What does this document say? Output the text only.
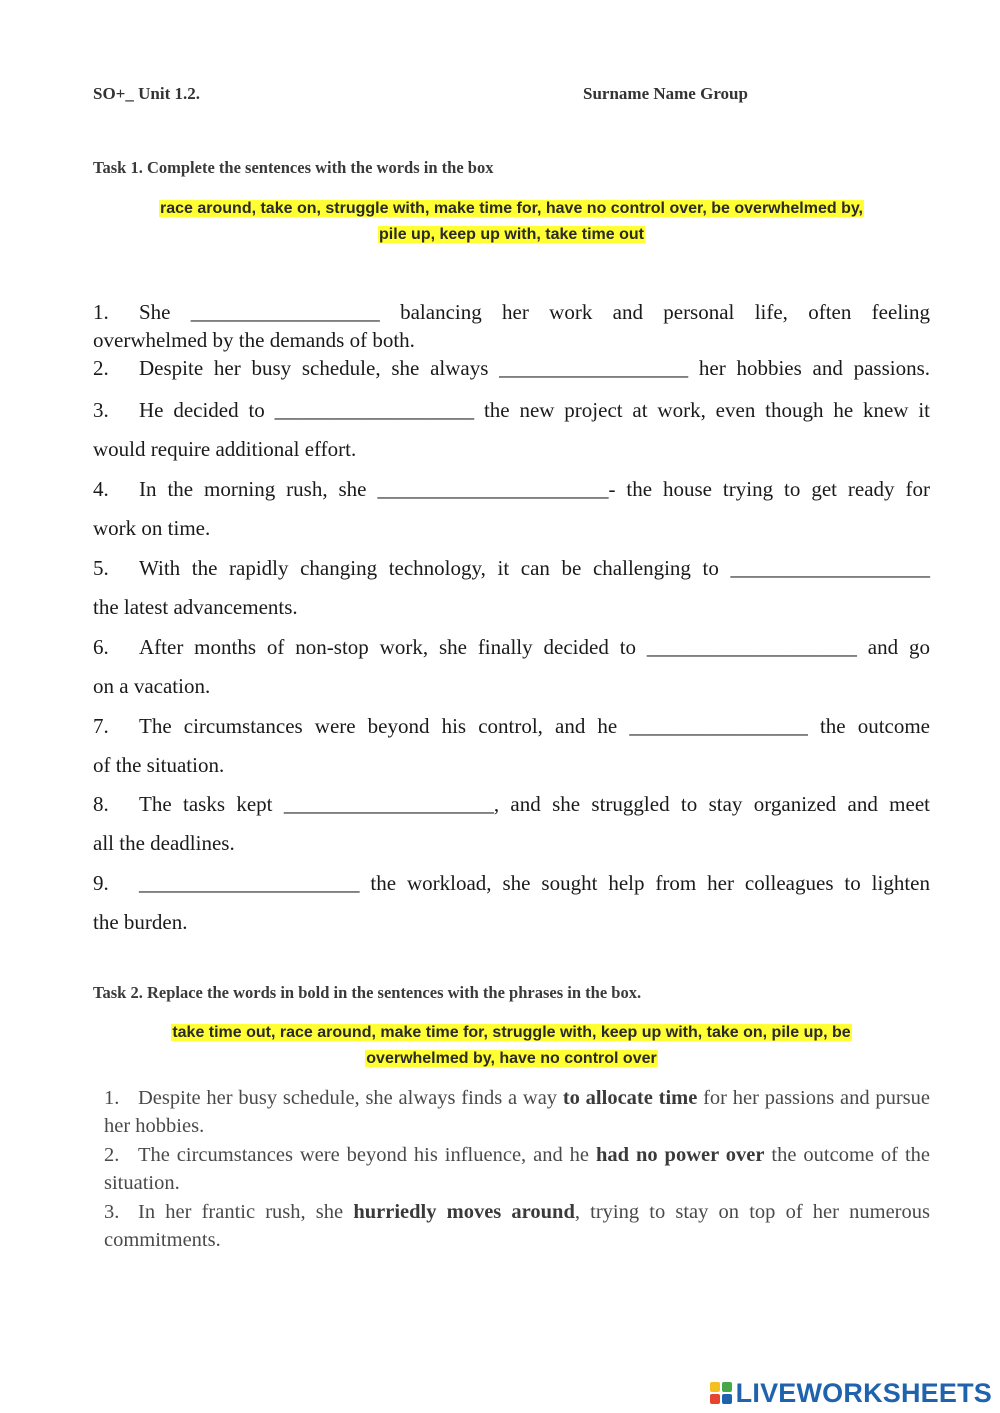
SO+_ Unit 1.2.	Surname Name Group
Task 1. Complete the sentences with the words in the box
race around, take on, struggle with, make time for, have no control over, be overwhelmed by,
pile up, keep up with, take time out
1. She __________________ balancing her work and personal life, often feeling
overwhelmed by the demands of both.
2. Despite her busy schedule, she always __________________ her hobbies and passions.
3. He decided to ___________________ the new project at work, even though he knew it
would require additional effort.
4. In the morning rush, she ______________________- the house trying to get ready for
work on time.
5. With the rapidly changing technology, it can be challenging to ___________________
the latest advancements.
6. After months of non-stop work, she finally decided to ____________________ and go
on a vacation.
7. The circumstances were beyond his control, and he _________________ the outcome
of the situation.
8. The tasks kept ____________________, and she struggled to stay organized and meet
all the deadlines.
9. _____________________ the workload, she sought help from her colleagues to lighten
the burden.
Task 2. Replace the words in bold in the sentences with the phrases in the box.
take time out, race around, make time for, struggle with, keep up with, take on, pile up, be
overwhelmed by, have no control over
1. Despite her busy schedule, she always finds a way to allocate time for her passions and pursue her hobbies.
2. The circumstances were beyond his influence, and he had no power over the outcome of the situation.
3. In her frantic rush, she hurriedly moves around, trying to stay on top of her numerous commitments.
LIVEWORKSHEETS
